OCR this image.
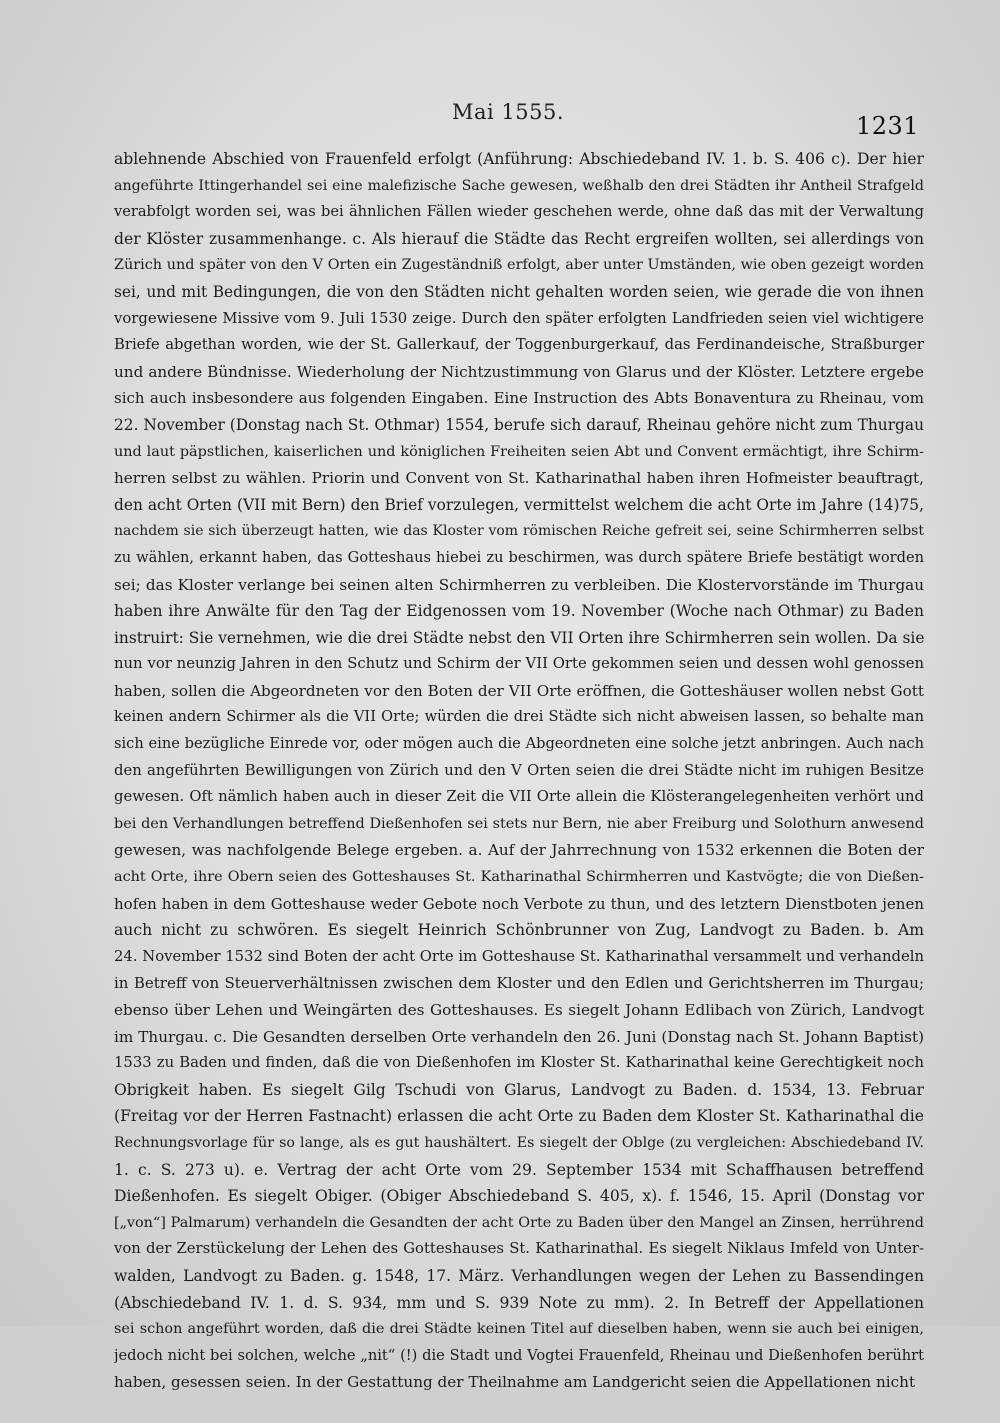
Mai 1555.	1231
ablehnende Abschied von Frauenfeld erfolgt (Anführung: Abschiedeband IV. 1. b. S. 406 c). Der hier
angeführte Ittingerhandel sei eine malefizische Sache gewesen, weßhalb den drei Städten ihr Antheil Strafgeld
verabfolgt worden sei, was bei ähnlichen Fällen wieder geschehen werde, ohne daß das mit der Verwaltung
der Klöster zusammenhange. c. Als hierauf die Städte das Recht ergreifen wollten, sei allerdings von
Zürich und später von den V Orten ein Zugeständniß erfolgt, aber unter Umständen, wie oben gezeigt worden
sei, und mit Bedingungen, die von den Städten nicht gehalten worden seien, wie gerade die von ihnen
vorgewiesene Missive vom 9. Juli 1530 zeige. Durch den später erfolgten Landfrieden seien viel wichtigere
Briefe abgethan worden, wie der St. Gallerkauf, der Toggenburgerkauf, das Ferdinandeische, Straßburger
und andere Bündnisse. Wiederholung der Nichtzustimmung von Glarus und der Klöster. Letztere ergebe
sich auch insbesondere aus folgenden Eingaben. Eine Instruction des Abts Bonaventura zu Rheinau, vom
22. November (Donstag nach St. Othmar) 1554, berufe sich darauf, Rheinau gehöre nicht zum Thurgau
und laut päpstlichen, kaiserlichen und königlichen Freiheiten seien Abt und Convent ermächtigt, ihre Schirm-
herren selbst zu wählen. Priorin und Convent von St. Katharinathal haben ihren Hofmeister beauftragt,
den acht Orten (VII mit Bern) den Brief vorzulegen, vermittelst welchem die acht Orte im Jahre (14)75,
nachdem sie sich überzeugt hatten, wie das Kloster vom römischen Reiche gefreit sei, seine Schirmherren selbst
zu wählen, erkannt haben, das Gotteshaus hiebei zu beschirmen, was durch spätere Briefe bestätigt worden
sei; das Kloster verlange bei seinen alten Schirmherren zu verbleiben. Die Klostervorstände im Thurgau
haben ihre Anwälte für den Tag der Eidgenossen vom 19. November (Woche nach Othmar) zu Baden
instruirt: Sie vernehmen, wie die drei Städte nebst den VII Orten ihre Schirmherren sein wollen. Da sie
nun vor neunzig Jahren in den Schutz und Schirm der VII Orte gekommen seien und dessen wohl genossen
haben, sollen die Abgeordneten vor den Boten der VII Orte eröffnen, die Gotteshäuser wollen nebst Gott
keinen andern Schirmer als die VII Orte; würden die drei Städte sich nicht abweisen lassen, so behalte man
sich eine bezügliche Einrede vor, oder mögen auch die Abgeordneten eine solche jetzt anbringen. Auch nach
den angeführten Bewilligungen von Zürich und den V Orten seien die drei Städte nicht im ruhigen Besitze
gewesen. Oft nämlich haben auch in dieser Zeit die VII Orte allein die Klösterangelegenheiten verhört und
bei den Verhandlungen betreffend Dießenhofen sei stets nur Bern, nie aber Freiburg und Solothurn anwesend
gewesen, was nachfolgende Belege ergeben. a. Auf der Jahrrechnung von 1532 erkennen die Boten der
acht Orte, ihre Obern seien des Gotteshauses St. Katharinathal Schirmherren und Kastvögte; die von Dießen-
hofen haben in dem Gotteshause weder Gebote noch Verbote zu thun, und des letztern Dienstboten jenen
auch nicht zu schwören. Es siegelt Heinrich Schönbrunner von Zug, Landvogt zu Baden. b. Am
24. November 1532 sind Boten der acht Orte im Gotteshause St. Katharinathal versammelt und verhandeln
in Betreff von Steuerverhältnissen zwischen dem Kloster und den Edlen und Gerichtsherren im Thurgau;
ebenso über Lehen und Weingärten des Gotteshauses. Es siegelt Johann Edlibach von Zürich, Landvogt
im Thurgau. c. Die Gesandten derselben Orte verhandeln den 26. Juni (Donstag nach St. Johann Baptist)
1533 zu Baden und finden, daß die von Dießenhofen im Kloster St. Katharinathal keine Gerechtigkeit noch
Obrigkeit haben. Es siegelt Gilg Tschudi von Glarus, Landvogt zu Baden. d. 1534, 13. Februar
(Freitag vor der Herren Fastnacht) erlassen die acht Orte zu Baden dem Kloster St. Katharinathal die
Rechnungsvorlage für so lange, als es gut haushältert. Es siegelt der Oblge (zu vergleichen: Abschiedeband IV.
1. c. S. 273 u). e. Vertrag der acht Orte vom 29. September 1534 mit Schaffhausen betreffend
Dießenhofen. Es siegelt Obiger. (Obiger Abschiedeband S. 405, x). f. 1546, 15. April (Donstag vor
[„von“] Palmarum) verhandeln die Gesandten der acht Orte zu Baden über den Mangel an Zinsen, herrührend
von der Zerstückelung der Lehen des Gotteshauses St. Katharinathal. Es siegelt Niklaus Imfeld von Unter-
walden, Landvogt zu Baden. g. 1548, 17. März. Verhandlungen wegen der Lehen zu Bassendingen
(Abschiedeband IV. 1. d. S. 934, mm und S. 939 Note zu mm). 2. In Betreff der Appellationen
sei schon angeführt worden, daß die drei Städte keinen Titel auf dieselben haben, wenn sie auch bei einigen,
jedoch nicht bei solchen, welche „nit“ (!) die Stadt und Vogtei Frauenfeld, Rheinau und Dießenhofen berührt
haben, gesessen seien. In der Gestattung der Theilnahme am Landgericht seien die Appellationen nicht
